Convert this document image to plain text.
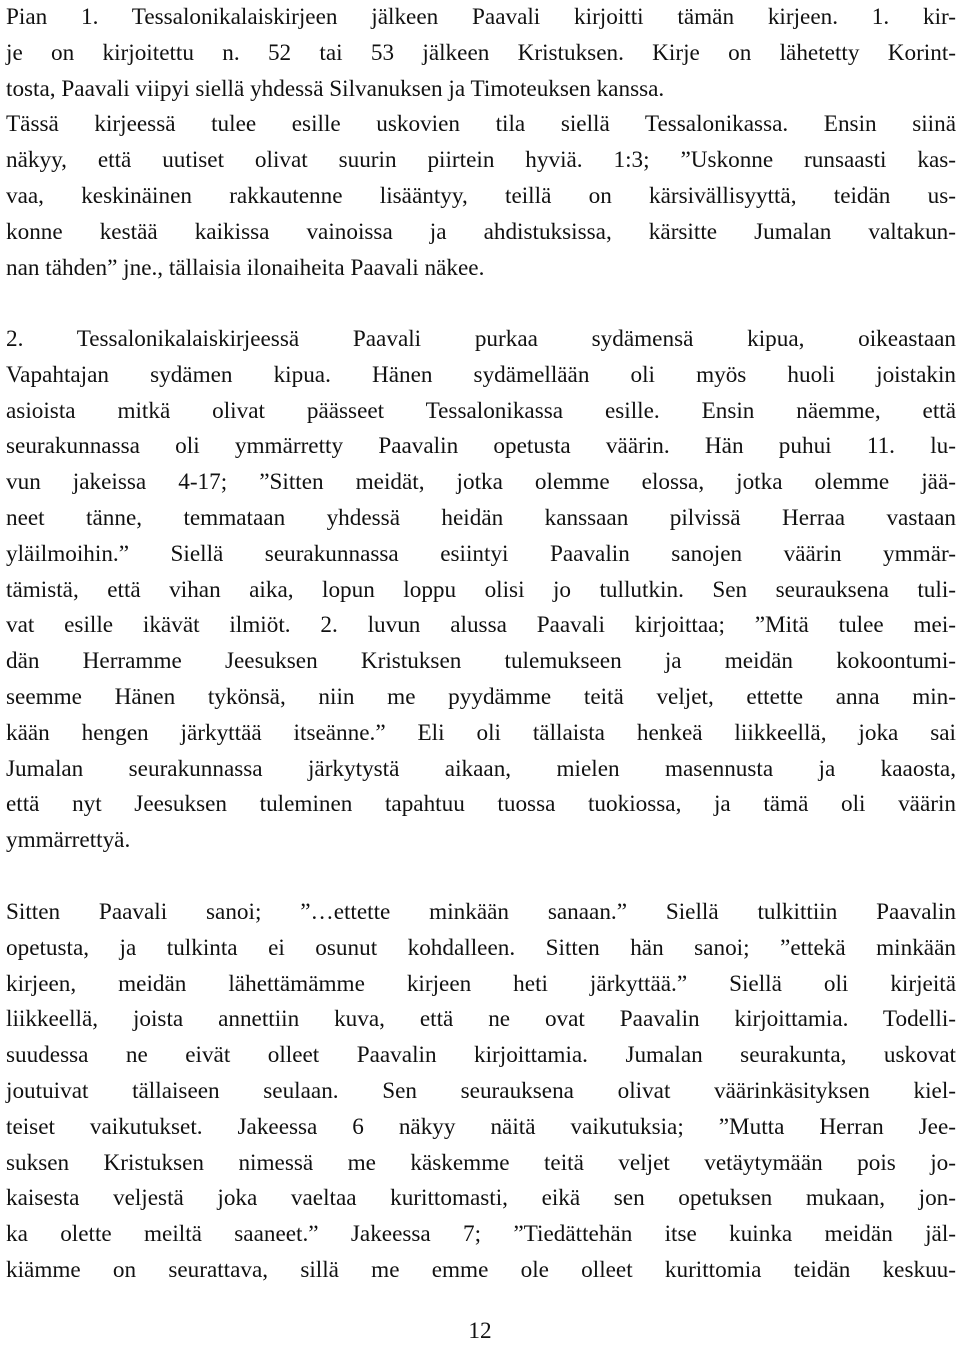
Pian 1. Tessalonikalaiskirjeen jälkeen Paavali kirjoitti tämän kirjeen. 1. kir-
je on kirjoitettu n. 52 tai 53 jälkeen Kristuksen. Kirje on lähetetty Korint-
tosta, Paavali viipyi siellä yhdessä Silvanuksen ja Timoteuksen kanssa.
Tässä kirjeessä tulee esille uskovien tila siellä Tessalonikassa. Ensin siinä
näkyy, että uutiset olivat suurin piirtein hyviä. 1:3; ”Uskonne runsaasti kas-
vaa, keskinäinen rakkautenne lisääntyy, teillä on kärsivällisyyttä, teidän us-
konne kestää kaikissa vainoissa ja ahdistuksissa, kärsitte Jumalan valtakun-
nan tähden” jne., tällaisia ilonaiheita Paavali näkee.
2. Tessalonikalaiskirjeessä Paavali purkaa sydämensä kipua, oikeastaan
Vapahtajan sydämen kipua. Hänen sydämellään oli myös huoli joistakin
asioista mitkä olivat päässeet Tessalonikassa esille. Ensin näemme, että
seurakunnassa oli ymmärretty Paavalin opetusta väärin. Hän puhui 11. lu-
vun jakeissa 4-17; ”Sitten meidät, jotka olemme elossa, jotka olemme jää-
neet tänne, temmataan yhdessä heidän kanssaan pilvissä Herraa vastaan
yläilmoihin.” Siellä seurakunnassa esiintyi Paavalin sanojen väärin ymmär-
tämistä, että vihan aika, lopun loppu olisi jo tullutkin. Sen seurauksena tuli-
vat esille ikävät ilmiöt. 2. luvun alussa Paavali kirjoittaa; ”Mitä tulee mei-
dän Herramme Jeesuksen Kristuksen tulemukseen ja meidän kokoontumi-
seemme Hänen tykönsä, niin me pyydämme teitä veljet, ettette anna min-
kään hengen järkyttää itseänne.” Eli oli tällaista henkeä liikkeellä, joka sai
Jumalan seurakunnassa järkytystä aikaan, mielen masennusta ja kaaosta,
että nyt Jeesuksen tuleminen tapahtuu tuossa tuokiossa, ja tämä oli väärin
ymmärrettyä.
Sitten Paavali sanoi; ”…ettette minkään sanaan.” Siellä tulkittiin Paavalin
opetusta, ja tulkinta ei osunut kohdalleen. Sitten hän sanoi; ”ettekä minkään
kirjeen, meidän lähettämämme kirjeen heti järkyttää.” Siellä oli kirjeitä
liikkeellä, joista annettiin kuva, että ne ovat Paavalin kirjoittamia. Todelli-
suudessa ne eivät olleet Paavalin kirjoittamia. Jumalan seurakunta, uskovat
joutuivat tällaiseen seulaan. Sen seurauksena olivat väärinkäsityksen kiel-
teiset vaikutukset. Jakeessa 6 näkyy näitä vaikutuksia; ”Mutta Herran Jee-
suksen Kristuksen nimessä me käskemme teitä veljet vetäytymään pois jo-
kaisesta veljestä joka vaeltaa kurittomasti, eikä sen opetuksen mukaan, jon-
ka olette meiltä saaneet.” Jakeessa 7; ”Tiedättehän itse kuinka meidän jäl-
kiämme on seurattava, sillä me emme ole olleet kurittomia teidän keskuu-
12
